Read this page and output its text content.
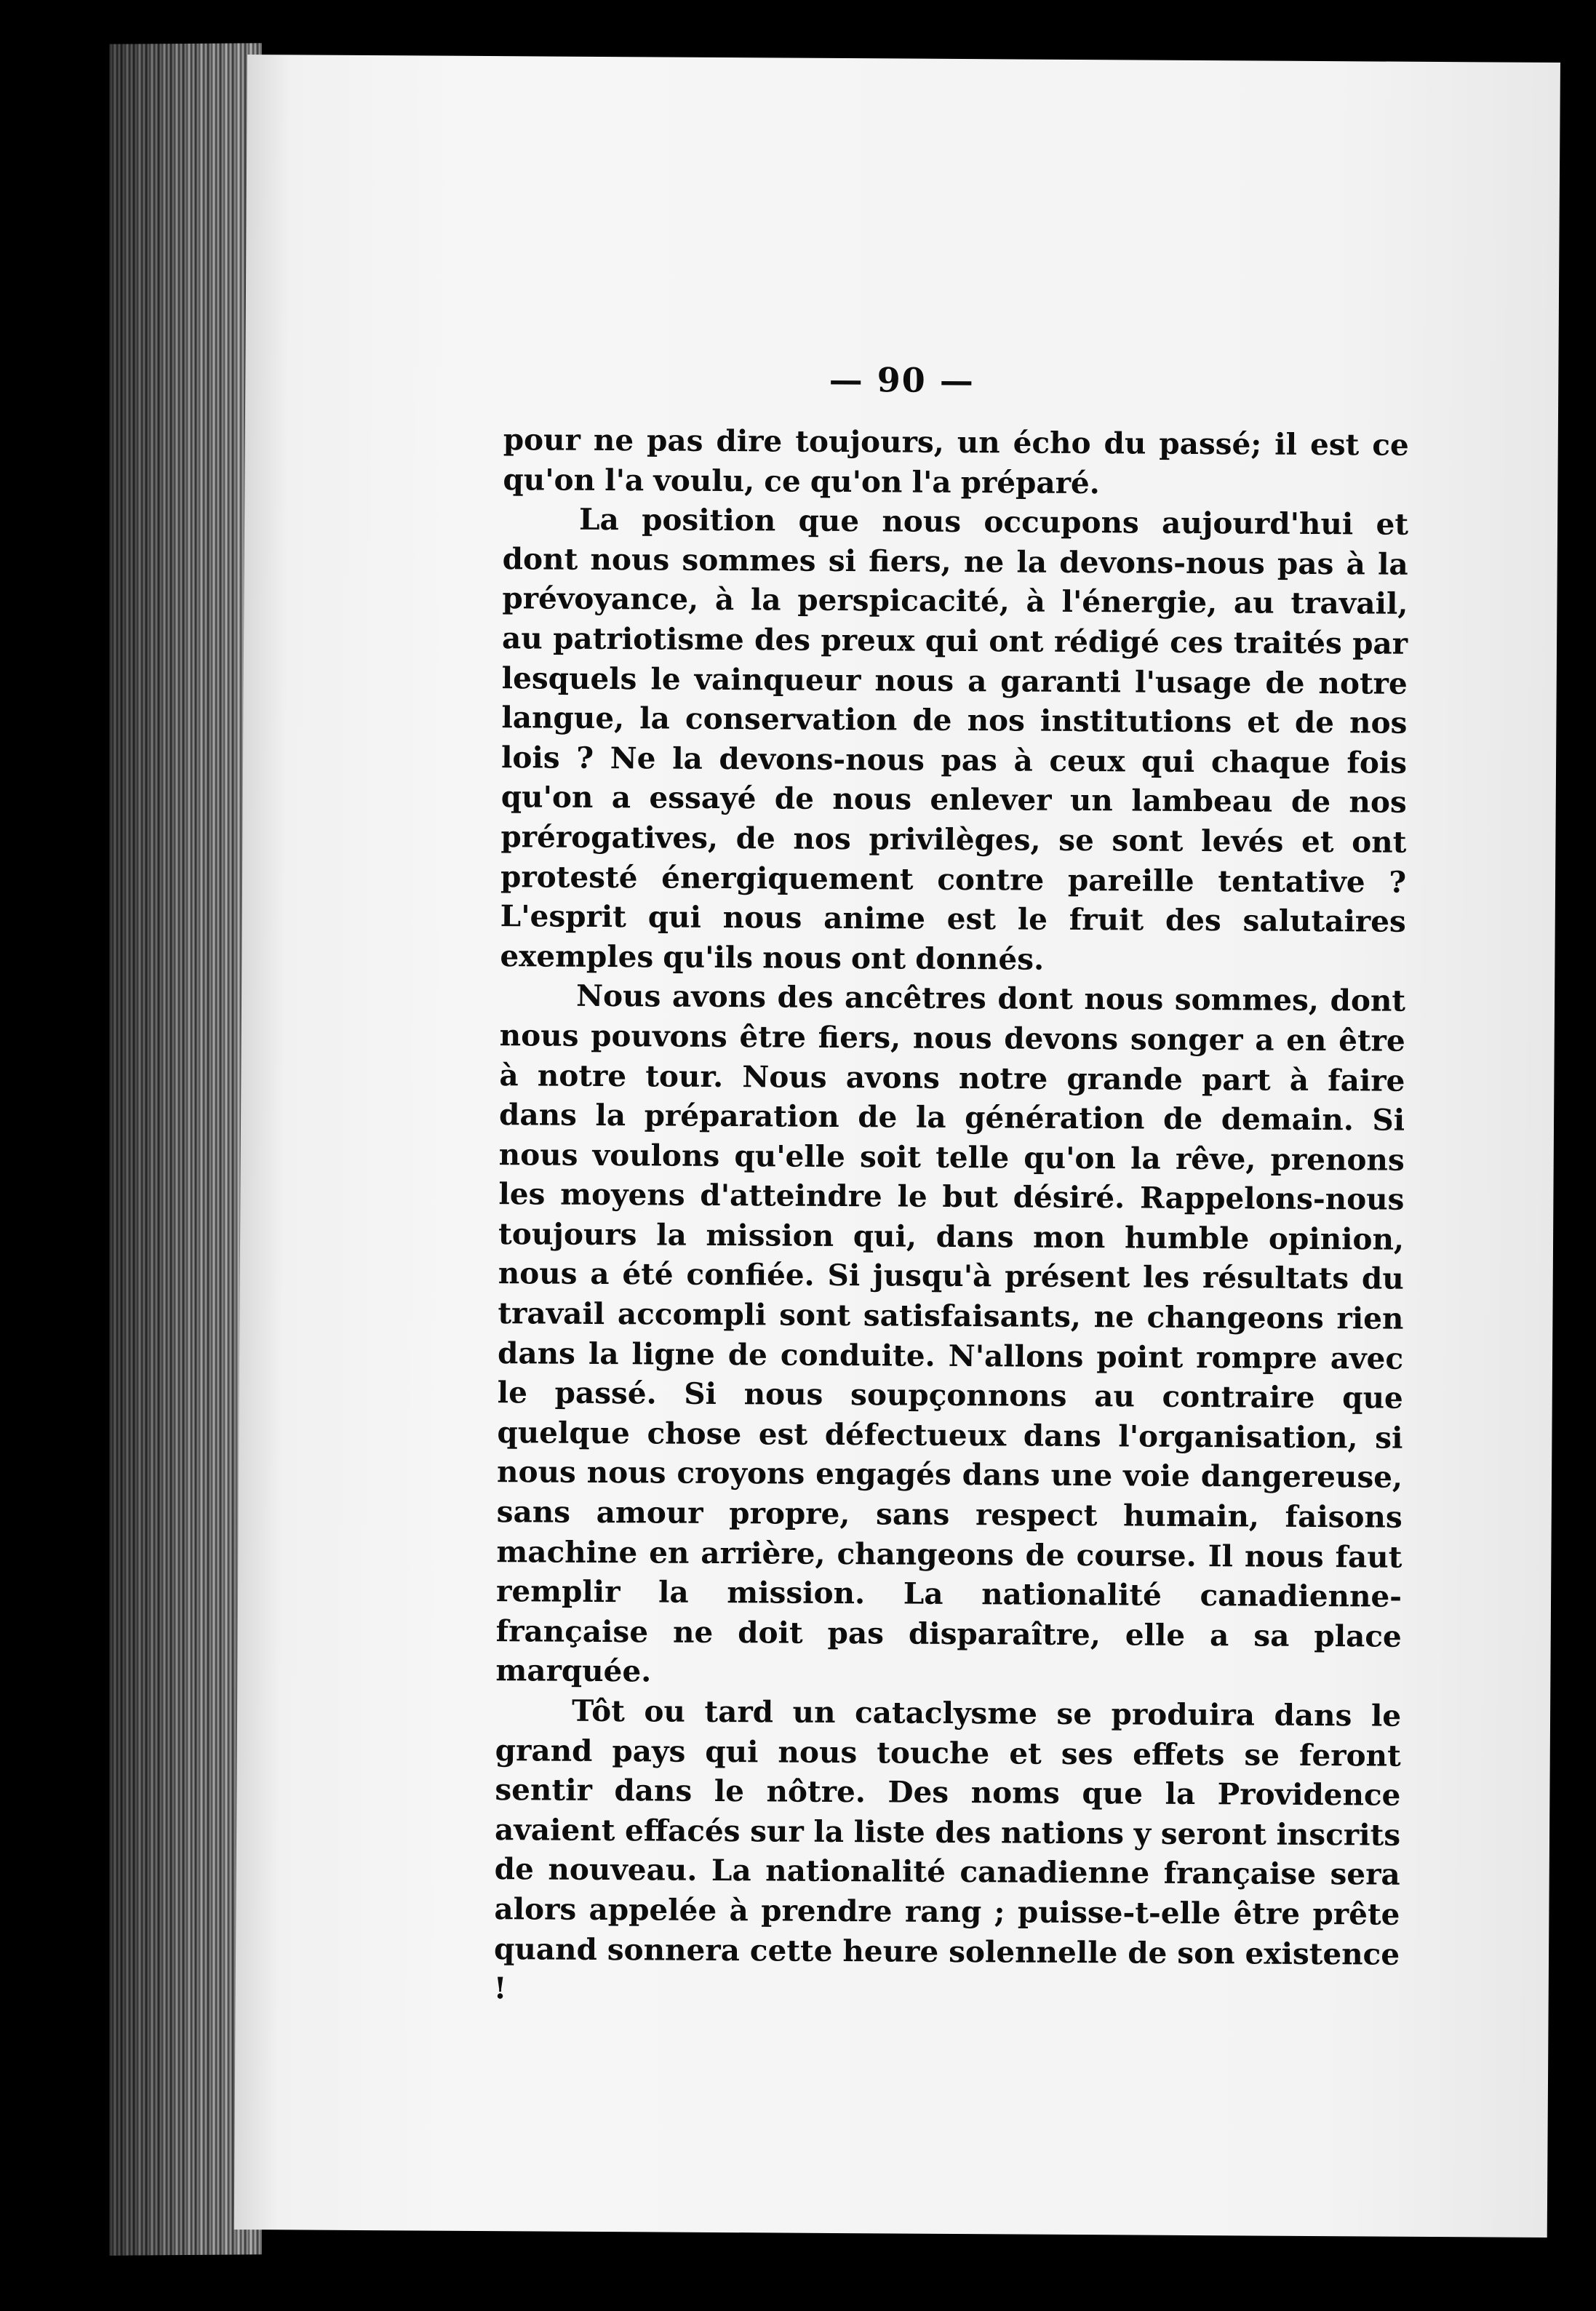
— 90 —

pour ne pas dire toujours, un écho du passé; il est ce qu'on l'a voulu, ce qu'on l'a préparé.

La position que nous occupons aujourd'hui et dont nous sommes si fiers, ne la devons-nous pas à la prévoyance, à la perspicacité, à l'énergie, au travail, au patriotisme des preux qui ont rédigé ces traités par lesquels le vainqueur nous a garanti l'usage de notre langue, la conservation de nos institutions et de nos lois ? Ne la devons-nous pas à ceux qui chaque fois qu'on a essayé de nous enlever un lambeau de nos prérogatives, de nos privilèges, se sont levés et ont protesté énergiquement contre pareille tentative ? L'esprit qui nous anime est le fruit des salutaires exemples qu'ils nous ont donnés.

Nous avons des ancêtres dont nous sommes, dont nous pouvons être fiers, nous devons songer a en être à notre tour. Nous avons notre grande part à faire dans la préparation de la génération de demain. Si nous voulons qu'elle soit telle qu'on la rêve, prenons les moyens d'atteindre le but désiré. Rappelons-nous toujours la mission qui, dans mon humble opinion, nous a été confiée. Si jusqu'à présent les résultats du travail accompli sont satisfaisants, ne changeons rien dans la ligne de conduite. N'allons point rompre avec le passé. Si nous soupçonnons au contraire que quelque chose est défectueux dans l'organisation, si nous nous croyons engagés dans une voie dangereuse, sans amour propre, sans respect humain, faisons machine en arrière, changeons de course. Il nous faut remplir la mission. La nationalité canadienne-française ne doit pas disparaître, elle a sa place marquée.

Tôt ou tard un cataclysme se produira dans le grand pays qui nous touche et ses effets se feront sentir dans le nôtre. Des noms que la Providence avaient effacés sur la liste des nations y seront inscrits de nouveau. La nationalité canadienne française sera alors appelée à prendre rang ; puisse-t-elle être prête quand sonnera cette heure solennelle de son existence !
